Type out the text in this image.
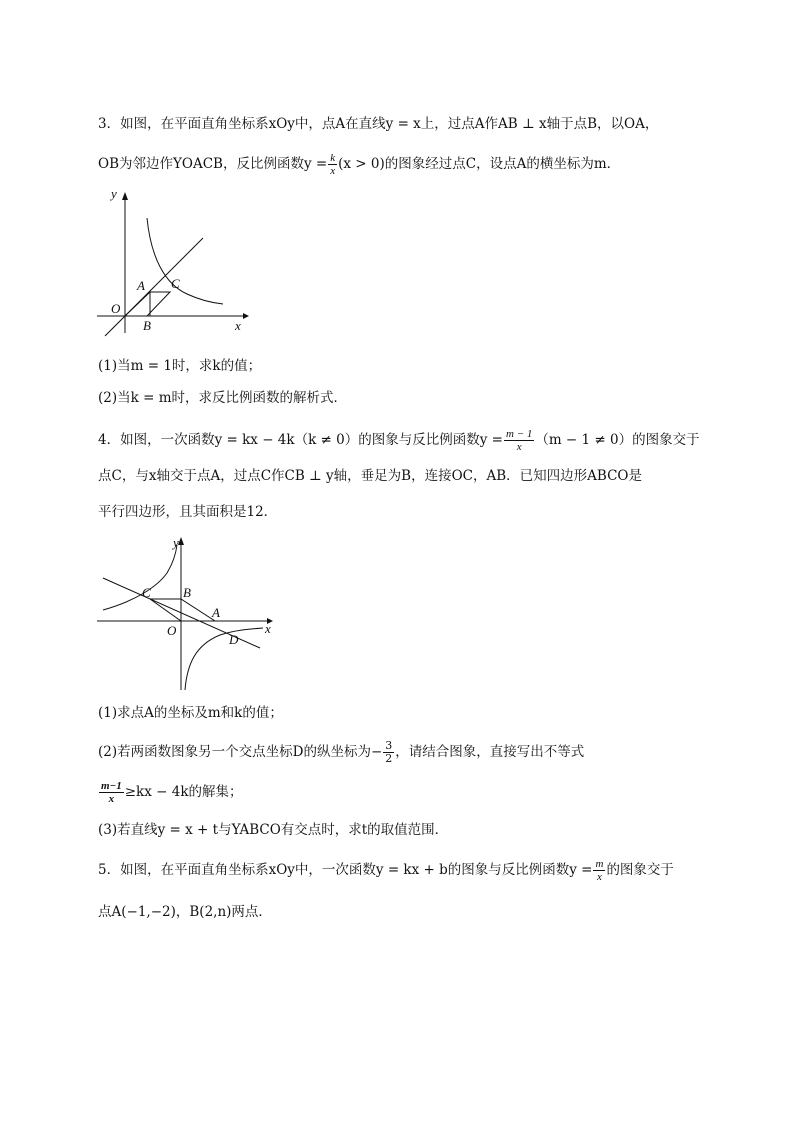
3．如图，在平面直角坐标系xOy中，点A在直线y = x上，过点A作AB ⊥ x轴于点B，以OA，
OB为邻边作YOACB，反比例函数$y = \frac{k}{x} (x > 0)$的图象经过点C，设点A的横坐标为m．
y
x
O
A C
B
(1)当m = 1时，求k的值；
(2)当k = m时，求反比例函数的解析式．
4．如图，一次函数y = kx − 4k（k ≠ 0）的图象与反比例函数$y = \frac{m - 1}{x} (m - 1 \ne 0)$的图象交于
点C，与x轴交于点A，过点C作CB ⊥ y轴，垂足为B，连接OC，AB．已知四边形ABCO是
平行四边形，且其面积是12．
y
x
O
C B
A
D
(1)求点A的坐标及m和k的值；
(2)若两函数图象另一个交点坐标D的纵坐标为− $\frac{3}{2}$ ，请结合图象，直接写出不等式
$\frac{m-1}{x} \ge kx - 4k$的解集；
(3)若直线y = x + t与YABCO有交点时，求t的取值范围．
5．如图，在平面直角坐标系xOy中，一次函数y = kx + b的图象与反比例函数$y = \frac{m}{x}$ 的图象交于
点A(−1,−2)，B(2,n)两点．
